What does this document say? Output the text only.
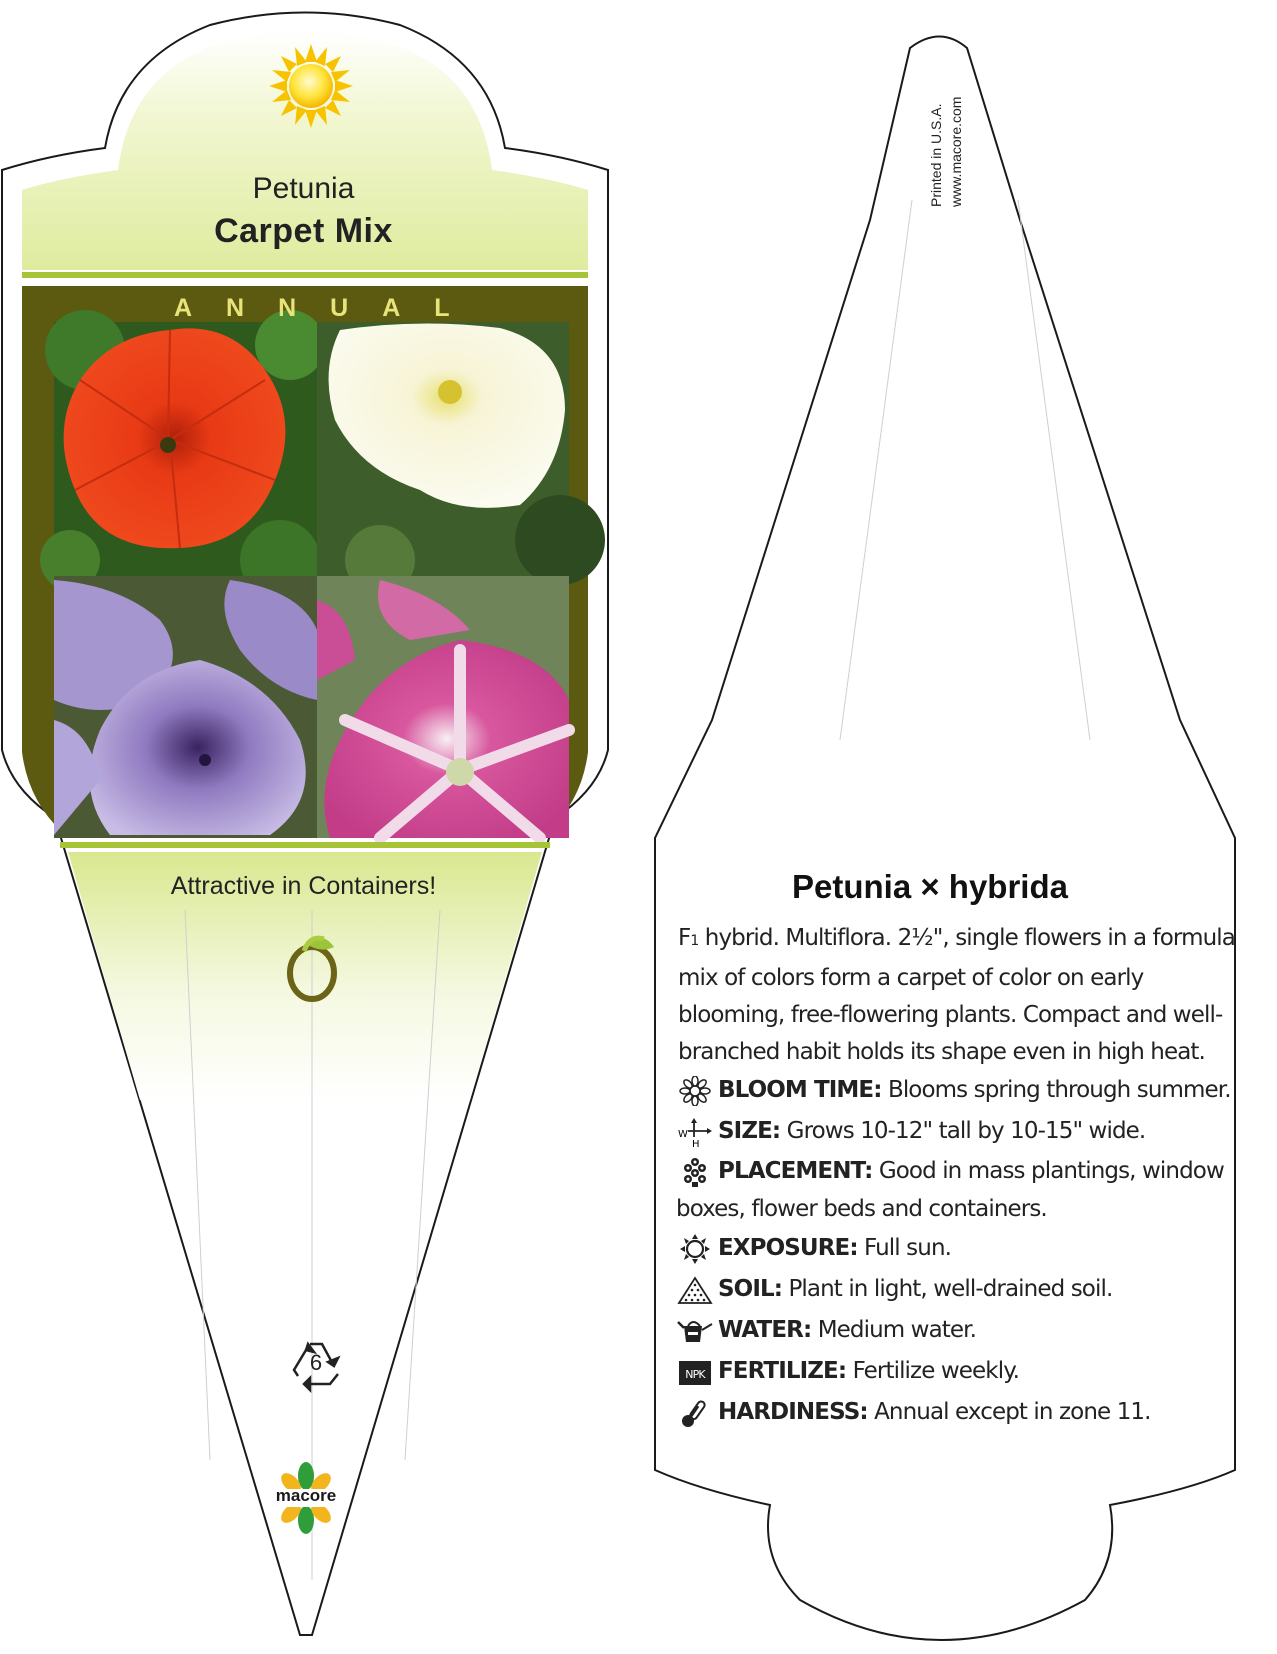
Petunia
Carpet Mix
ANNUAL
Attractive in Containers!
6
macore
Printed in U.S.A. www.macore.com
Petunia × hybrida
F1 hybrid. Multiflora. 2½", single flowers in a formula mix of colors form a carpet of color on early blooming, free-flowering plants. Compact and well-branched habit holds its shape even in high heat.
BLOOM TIME: Blooms spring through summer.
W
H SIZE: Grows 10-12" tall by 10-15" wide.
PLACEMENT: Good in mass plantings, window boxes, flower beds and containers.
EXPOSURE: Full sun.
SOIL: Plant in light, well-drained soil.
WATER: Medium water.
NPK FERTILIZE: Fertilize weekly.
HARDINESS: Annual except in zone 11.
